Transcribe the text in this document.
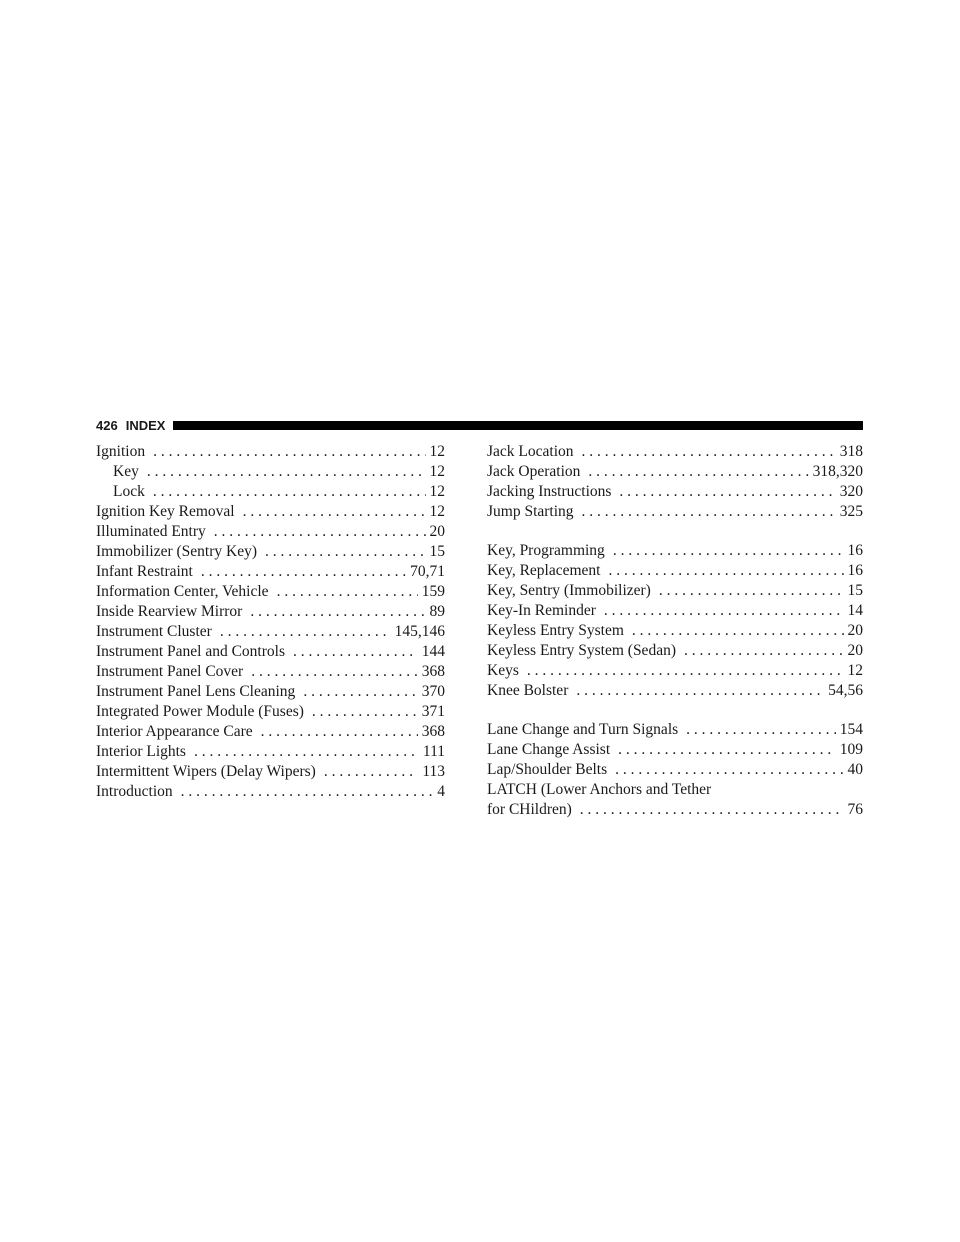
426 INDEX
Ignition . . .	12
Key . . .	12
Lock . . .	12
Ignition Key Removal . . .	12
Illuminated Entry . . .	20
Immobilizer (Sentry Key) . . .	15
Infant Restraint . . .	70,71
Information Center, Vehicle . . .	159
Inside Rearview Mirror . . .	89
Instrument Cluster . . .	145,146
Instrument Panel and Controls . . .	144
Instrument Panel Cover . . .	368
Instrument Panel Lens Cleaning . . .	370
Integrated Power Module (Fuses) . . .	371
Interior Appearance Care . . .	368
Interior Lights . . .	111
Intermittent Wipers (Delay Wipers) . . .	113
Introduction . . .	4
Jack Location . . .	318
Jack Operation . . .	318,320
Jacking Instructions . . .	320
Jump Starting . . .	325
Key, Programming . . .	16
Key, Replacement . . .	16
Key, Sentry (Immobilizer) . . .	15
Key-In Reminder . . .	14
Keyless Entry System . . .	20
Keyless Entry System (Sedan) . . .	20
Keys . . .	12
Knee Bolster . . .	54,56
Lane Change and Turn Signals . . .	154
Lane Change Assist . . .	109
Lap/Shoulder Belts . . .	40
LATCH (Lower Anchors and Tether
for CHildren) . . .	76
